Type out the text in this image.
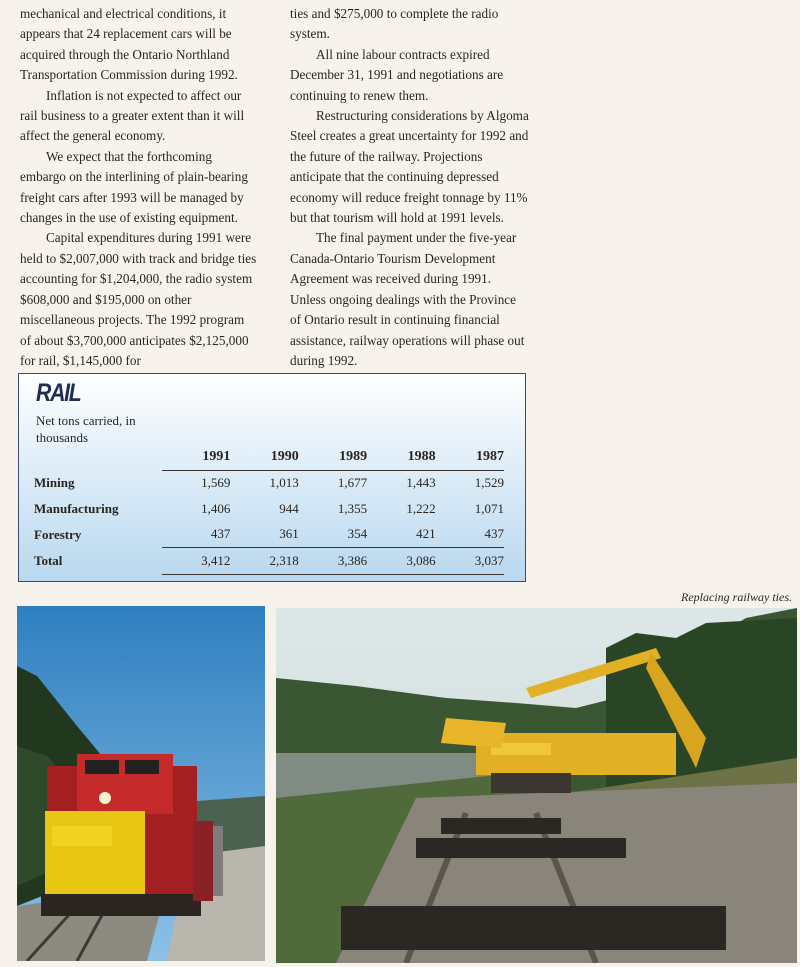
mechanical and electrical conditions, it appears that 24 replacement cars will be acquired through the Ontario Northland Transportation Commission during 1992.

Inflation is not expected to affect our rail business to a greater extent than it will affect the general economy.

We expect that the forthcoming embargo on the interlining of plain-bearing freight cars after 1993 will be managed by changes in the use of existing equipment.

Capital expenditures during 1991 were held to $2,007,000 with track and bridge ties accounting for $1,204,000, the radio system $608,000 and $195,000 on other miscellaneous projects. The 1992 program of about $3,700,000 anticipates $2,125,000 for rail, $1,145,000 for

ties and $275,000 to complete the radio system.

All nine labour contracts expired December 31, 1991 and negotiations are continuing to renew them.

Restructuring considerations by Algoma Steel creates a great uncertainty for 1992 and the future of the railway. Projections anticipate that the continuing depressed economy will reduce freight tonnage by 11% but that tourism will hold at 1991 levels.

The final payment under the five-year Canada-Ontario Tourism Development Agreement was received during 1991. Unless ongoing dealings with the Province of Ontario result in continuing financial assistance, railway operations will phase out during 1992.

RAIL
Net tons carried, in thousands
	1991	1990	1989	1988	1987
Mining	1,569	1,013	1,677	1,443	1,529
Manufacturing	1,406	944	1,355	1,222	1,071
Forestry	437	361	354	421	437
Total	3,412	2,318	3,386	3,086	3,037

Replacing railway ties.
